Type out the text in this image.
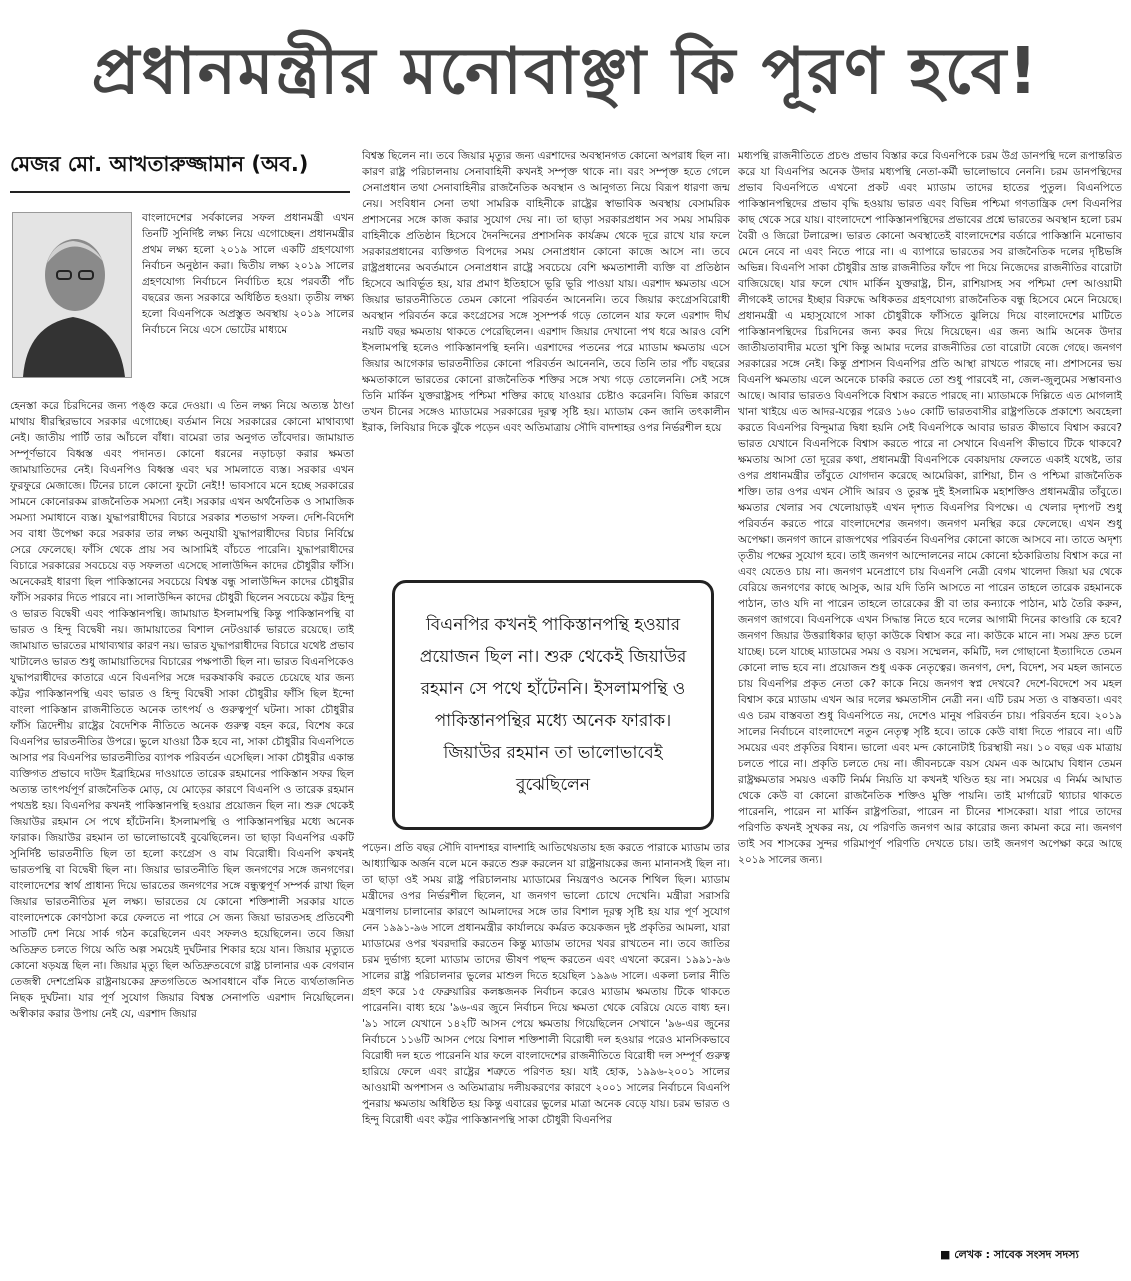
প্রধানমন্ত্রীর মনোবাঞ্ছা কি পূরণ হবে!
মেজর মো. আখতারুজ্জামান (অব.)
বাংলাদেশের সর্বকালের সফল প্রধানমন্ত্রী এখন তিনটি সুনির্দিষ্ট লক্ষ্য নিয়ে এগোচ্ছেন। প্রধানমন্ত্রীর প্রথম লক্ষ্য হলো ২০১৯ সালে একটি গ্রহণযোগ্য নির্বাচন অনুষ্ঠান করা। দ্বিতীয় লক্ষ্য ২০১৯ সালের গ্রহণযোগ্য নির্বাচনে নির্বাচিত হয়ে পরবর্তী পাঁচ বছরের জন্য সরকারে অধিষ্ঠিত হওয়া। তৃতীয় লক্ষ্য হলো বিএনপিকে অপ্রস্তুত অবস্থায় ২০১৯ সালের নির্বাচনে নিয়ে এসে ভোটের মাধ্যমে
হেনস্তা করে চিরদিনের জন্য পঙ্গু করে দেওয়া। এ তিন লক্ষ্য নিয়ে অত্যন্ত ঠাণ্ডা মাথায় ধীরস্থিরভাবে সরকার এগোচ্ছে। বর্তমান নিয়ে সরকারের কোনো মাথাব্যথা নেই। জাতীয় পার্টি তার আঁচলে বাঁধা। বামেরা তার অনুগত তাঁবেদার। জামায়াত সম্পূর্ণভাবে বিধ্বস্ত এবং পদানত। কোনো ধরনের নড়াচড়া করার ক্ষমতা জামায়াতিদের নেই। বিএনপিও বিধ্বস্ত এবং ঘর সামলাতে ব্যস্ত। সরকার এখন ফুরফুরে মেজাজে। টিনের চালে কোনো ফুটো নেই!! ভাবসাবে মনে হচ্ছে সরকারের সামনে কোনোরকম রাজনৈতিক সমস্যা নেই। সরকার এখন অর্থনৈতিক ও সামাজিক সমস্যা সমাধানে ব্যস্ত। যুদ্ধাপরাধীদের বিচারে সরকার শতভাগ সফল। দেশি-বিদেশি সব বাধা উপেক্ষা করে সরকার তার লক্ষ্য অনুযায়ী যুদ্ধাপরাধীদের বিচার নির্বিঘ্নে সেরে ফেলেছে। ফাঁসি থেকে প্রায় সব আসামিই বাঁচতে পারেনি। যুদ্ধাপরাধীদের বিচারে সরকারের সবচেয়ে বড় সফলতা এসেছে সালাউদ্দিন কাদের চৌধুরীর ফাঁসি। অনেকেরই ধারণা ছিল পাকিস্তানের সবচেয়ে বিশ্বস্ত বন্ধু সালাউদ্দিন কাদের চৌধুরীর ফাঁসি সরকার দিতে পারবে না। সালাউদ্দিন কাদের চৌধুরী ছিলেন সবচেয়ে কট্টর হিন্দু ও ভারত বিদ্বেষী এবং পাকিস্তানপন্থি। জামায়াত ইসলামপন্থি কিন্তু পাকিস্তানপন্থি বা ভারত ও হিন্দু বিদ্বেষী নয়। জামায়াতের বিশাল নেটওয়ার্ক ভারতে রয়েছে। তাই জামায়াত ভারতের মাথাব্যথার কারণ নয়। ভারত যুদ্ধাপরাধীদের বিচারে যথেষ্ট প্রভাব খাটালেও ভারত শুধু জামায়াতিদের বিচারের পক্ষপাতী ছিল না। ভারত বিএনপিকেও যুদ্ধাপরাধীদের কাতারে এনে বিএনপির সঙ্গে দরকষাকষি করতে চেয়েছে যার জন্য কট্টর পাকিস্তানপন্থি এবং ভারত ও হিন্দু বিদ্বেষী সাকা চৌধুরীর ফাঁসি ছিল ইন্দো বাংলা পাকিস্তান রাজনীতিতে অনেক তাৎপর্য ও গুরুত্বপূর্ণ ঘটনা। সাকা চৌধুরীর ফাঁসি ত্রিদেশীয় রাষ্ট্রের বৈদেশিক নীতিতে অনেক গুরুত্ব বহন করে, বিশেষ করে বিএনপির ভারতনীতির উপরে। ভুলে যাওয়া ঠিক হবে না, সাকা চৌধুরীর বিএনপিতে আসার পর বিএনপির ভারতনীতির ব্যাপক পরিবর্তন এসেছিল। সাকা চৌধুরীর একান্ত ব্যক্তিগত প্রভাবে দাউদ ইব্রাহিমের দাওয়াতে তারেক রহমানের পাকিস্তান সফর ছিল অত্যন্ত তাৎপর্যপূর্ণ রাজনৈতিক মোড়, যে মোড়ের কারণে বিএনপি ও তারেক রহমান পথভ্রষ্ট হয়। বিএনপির কখনই পাকিস্তানপন্থি হওয়ার প্রয়োজন ছিল না। শুরু থেকেই জিয়াউর রহমান সে পথে হাঁটেননি। ইসলামপন্থি ও পাকিস্তানপন্থির মধ্যে অনেক ফারাক। জিয়াউর রহমান তা ভালোভাবেই বুঝেছিলেন। তা ছাড়া বিএনপির একটি সুনির্দিষ্ট ভারতনীতি ছিল তা হলো কংগ্রেস ও বাম বিরোধী। বিএনপি কখনই ভারতপন্থি বা বিদ্বেষী ছিল না। জিয়ার ভারতনীতি ছিল জনগণের সঙ্গে জনগণের। বাংলাদেশের স্বার্থ প্রাধান্য দিয়ে ভারতের জনগণের সঙ্গে বন্ধুত্বপূর্ণ সম্পর্ক রাখা ছিল জিয়ার ভারতনীতির মূল লক্ষ্য। ভারতের যে কোনো শক্তিশালী সরকার যাতে বাংলাদেশকে কোণঠাসা করে ফেলতে না পারে সে জন্য জিয়া ভারতসহ প্রতিবেশী সাতটি দেশ নিয়ে সার্ক গঠন করেছিলেন এবং সফলও হয়েছিলেন। তবে জিয়া অতিদ্রুত চলতে গিয়ে অতি অল্প সময়েই দুর্ঘটনার শিকার হয়ে যান। জিয়ার মৃত্যুতে কোনো ষড়যন্ত্র ছিল না। জিয়ার মৃত্যু ছিল অতিদ্রুতবেগে রাষ্ট্র চালানার এক বেগবান তেজস্বী দেশপ্রেমিক রাষ্ট্রনায়কের দ্রুতগতিতে অসাবধানে বাঁক নিতে ব্যর্থতাজনিত নিছক দুর্ঘটনা। যার পূর্ণ সুযোগ জিয়ার বিশ্বস্ত সেনাপতি এরশাদ নিয়েছিলেন। অস্বীকার করার উপায় নেই যে, এরশাদ জিয়ার
বিশ্বস্ত ছিলেন না। তবে জিয়ার মৃত্যুর জন্য এরশাদের অবস্থানগত কোনো অপরাধ ছিল না। কারণ রাষ্ট্র পরিচালনায় সেনাবাহিনী কখনই সম্পৃক্ত থাকে না। বরং সম্পৃক্ত হতে গেলে সেনাপ্রধান তথা সেনাবাহিনীর রাজনৈতিক অবস্থান ও আনুগত্য নিয়ে বিরূপ ধারণা জন্ম নেয়। সংবিধান সেনা তথা সামরিক বাহিনীকে রাষ্ট্রের স্বাভাবিক অবস্থায় বেসামরিক প্রশাসনের সঙ্গে কাজ করার সুযোগ দেয় না। তা ছাড়া সরকারপ্রধান সব সময় সামরিক বাহিনীকে প্রতিষ্ঠান হিসেবে দৈনন্দিনের প্রশাসনিক কার্যক্রম থেকে দূরে রাখে যার ফলে সরকারপ্রধানের ব্যক্তিগত বিপদের সময় সেনাপ্রধান কোনো কাজে আসে না। তবে রাষ্ট্রপ্রধানের অবর্তমানে সেনাপ্রধান রাষ্ট্রে সবচেয়ে বেশি ক্ষমতাশালী ব্যক্তি বা প্রতিষ্ঠান হিসেবে আবির্ভূত হয়, যার প্রমাণ ইতিহাসে ভূরি ভূরি পাওয়া যায়। এরশাদ ক্ষমতায় এসে জিয়ার ভারতনীতিতে তেমন কোনো পরিবর্তন আনেননি। তবে জিয়ার কংগ্রেসবিরোধী অবস্থান পরিবর্তন করে কংগ্রেসের সঙ্গে সুসম্পর্ক গড়ে তোলেন যার ফলে এরশাদ দীর্ঘ নয়টি বছর ক্ষমতায় থাকতে পেরেছিলেন। এরশাদ জিয়ার দেখানো পথ ধরে আরও বেশি ইসলামপন্থি হলেও পাকিস্তানপন্থি হননি। এরশাদের পতনের পরে ম্যাডাম ক্ষমতায় এসে জিয়ার আগেকার ভারতনীতির কোনো পরিবর্তন আনেননি, তবে তিনি তার পাঁচ বছরের ক্ষমতাকালে ভারতের কোনো রাজনৈতিক শক্তির সঙ্গে সখ্য গড়ে তোলেননি। সেই সঙ্গে তিনি মার্কিন যুক্তরাষ্ট্রসহ পশ্চিমা শক্তির কাছে যাওয়ার চেষ্টাও করেননি। বিভিন্ন কারণে তখন চীনের সঙ্গেও ম্যাডামের সরকারের দূরত্ব সৃষ্টি হয়। ম্যাডাম কেন জানি তৎকালীন ইরাক, লিবিয়ার দিকে ঝুঁকে পড়েন এবং অতিমাত্রায় সৌদি বাদশাহর ওপর নির্ভরশীল হয়ে
বিএনপির কখনই পাকিস্তানপন্থি হওয়ার প্রয়োজন ছিল না। শুরু থেকেই জিয়াউর রহমান সে পথে হাঁটেননি। ইসলামপন্থি ও পাকিস্তানপন্থির মধ্যে অনেক ফারাক। জিয়াউর রহমান তা ভালোভাবেই বুঝেছিলেন
পড়েন। প্রতি বছর সৌদি বাদশাহর বাদশাহি আতিথেয়তায় হজ করতে পারাকে ম্যাডাম তার আধ্যাত্মিক অর্জন বলে মনে করতে শুরু করলেন যা রাষ্ট্রনায়কের জন্য মানানসই ছিল না। তা ছাড়া ওই সময় রাষ্ট্র পরিচালনায় ম্যাডামের নিয়ন্ত্রণও অনেক শিথিল ছিল। ম্যাডাম মন্ত্রীদের ওপর নির্ভরশীল ছিলেন, যা জনগণ ভালো চোখে দেখেনি। মন্ত্রীরা সরাসরি মন্ত্রণালয় চালানোর কারণে আমলাদের সঙ্গে তার বিশাল দূরত্ব সৃষ্টি হয় যার পূর্ণ সুযোগ নেন ১৯৯১-৯৬ সালে প্রধানমন্ত্রীর কার্যালয়ে কর্মরত কয়েকজন দুষ্ট প্রকৃতির আমলা, যারা ম্যাডামের ওপর খবরদারি করতেন কিন্তু ম্যাডাম তাদের খবর রাখতেন না। তবে জাতির চরম দুর্ভাগ্য হলো ম্যাডাম তাদের ভীষণ পছন্দ করতেন এবং এখনো করেন। ১৯৯১-৯৬ সালের রাষ্ট্র পরিচালনার ভুলের মাশুল দিতে হয়েছিল ১৯৯৬ সালে। একলা চলার নীতি গ্রহণ করে ১৫ ফেব্রুয়ারির কলঙ্কজনক নির্বাচন করেও ম্যাডাম ক্ষমতায় টিকে থাকতে পারেননি। বাধ্য হয়ে '৯৬-এর জুনে নির্বাচন দিয়ে ক্ষমতা থেকে বেরিয়ে যেতে বাধ্য হন। '৯১ সালে যেখানে ১৪২টি আসন পেয়ে ক্ষমতায় গিয়েছিলেন সেখানে '৯৬-এর জুনের নির্বাচনে ১১৬টি আসন পেয়ে বিশাল শক্তিশালী বিরোধী দল হওয়ার পরেও মানসিকভাবে বিরোধী দল হতে পারেননি যার ফলে বাংলাদেশের রাজনীতিতে বিরোধী দল সম্পূর্ণ গুরুত্ব হারিয়ে ফেলে এবং রাষ্ট্রের শত্রুতে পরিণত হয়। যাই হোক, ১৯৯৬-২০০১ সালের আওয়ামী অপশাসন ও অতিমাত্রায় দলীয়করণের কারণে ২০০১ সালের নির্বাচনে বিএনপি পুনরায় ক্ষমতায় অধিষ্ঠিত হয় কিন্তু এবারের ভুলের মাত্রা অনেক বেড়ে যায়। চরম ভারত ও হিন্দু বিরোধী এবং কট্টর পাকিস্তানপন্থি সাকা চৌধুরী বিএনপির
মধ্যপন্থি রাজনীতিতে প্রচণ্ড প্রভাব বিস্তার করে বিএনপিকে চরম উগ্র ডানপন্থি দলে রূপান্তরিত করে যা বিএনপির অনেক উদার মধ্যপন্থি নেতা-কর্মী ভালোভাবে নেননি। চরম ডানপন্থিদের প্রভাব বিএনপিতে এখনো প্রকট এবং ম্যাডাম তাদের হাতের পুতুল। বিএনপিতে পাকিস্তানপন্থিদের প্রভাব বৃদ্ধি হওয়ায় ভারত এবং বিভিন্ন পশ্চিমা গণতান্ত্রিক দেশ বিএনপির কাছ থেকে সরে যায়। বাংলাদেশে পাকিস্তানপন্থিদের প্রভাবের প্রশ্নে ভারতের অবস্থান হলো চরম বৈরী ও জিরো টলারেন্স। ভারত কোনো অবস্থাতেই বাংলাদেশের বর্ডারে পাকিস্তানি মনোভাব মেনে নেবে না এবং নিতে পারে না। এ ব্যাপারে ভারতের সব রাজনৈতিক দলের দৃষ্টিভঙ্গি অভিন্ন। বিএনপি সাকা চৌধুরীর ভ্রান্ত রাজনীতির ফাঁদে পা দিয়ে নিজেদের রাজনীতির বারোটা বাজিয়েছে। যার ফলে খোদ মার্কিন যুক্তরাষ্ট্র, চীন, রাশিয়াসহ সব পশ্চিমা দেশ আওয়ামী লীগকেই তাদের ইচ্ছার বিরুদ্ধে অধিকতর গ্রহণযোগ্য রাজনৈতিক বন্ধু হিসেবে মেনে নিয়েছে। প্রধানমন্ত্রী এ মহাসুযোগে সাকা চৌধুরীকে ফাঁসিতে ঝুলিয়ে দিয়ে বাংলাদেশের মাটিতে পাকিস্তানপন্থিদের চিরদিনের জন্য কবর দিয়ে দিয়েছেন। এর জন্য আমি অনেক উদার জাতীয়তাবাদীর মতো খুশি কিন্তু আমার দলের রাজনীতির তো বারোটা বেজে গেছে। জনগণ সরকারের সঙ্গে নেই। কিন্তু প্রশাসন বিএনপির প্রতি আস্থা রাখতে পারছে না। প্রশাসনের ভয় বিএনপি ক্ষমতায় এলে অনেকে চাকরি করতে তো শুধু পারবেই না, জেল-জুলুমের সম্ভাবনাও আছে। আবার ভারতও বিএনপিকে বিশ্বাস করতে পারছে না। ম্যাডামকে দিল্লিতে এত মোগলাই খানা খাইয়ে এত আদর-যত্নের পরেও ১৬০ কোটি ভারতবাসীর রাষ্ট্রপতিকে প্রকাশ্যে অবহেলা করতে বিএনপির বিন্দুমাত্র দ্বিধা হয়নি সেই বিএনপিকে আবার ভারত কীভাবে বিশ্বাস করবে? ভারত যেখানে বিএনপিকে বিশ্বাস করতে পারে না সেখানে বিএনপি কীভাবে টিকে থাকবে? ক্ষমতায় আসা তো দূরের কথা, প্রধানমন্ত্রী বিএনপিকে বেকায়দায় ফেলতে একাই যথেষ্ট, তার ওপর প্রধানমন্ত্রীর তাঁবুতে যোগদান করেছে আমেরিকা, রাশিয়া, চীন ও পশ্চিমা রাজনৈতিক শক্তি। তার ওপর এখন সৌদি আরব ও তুরস্ক দুই ইসলামিক মহাশক্তিও প্রধানমন্ত্রীর তাঁবুতে। ক্ষমতার খেলার সব খেলোয়াড়ই এখন দৃশ্যত বিএনপির বিপক্ষে। এ খেলার দৃশ্যপট শুধু পরিবর্তন করতে পারে বাংলাদেশের জনগণ। জনগণ মনস্থির করে ফেলেছে। এখন শুধু অপেক্ষা। জনগণ জানে রাজপথের পরিবর্তন বিএনপির কোনো কাজে আসবে না। তাতে অদৃশ্য তৃতীয় পক্ষের সুযোগ হবে। তাই জনগণ আন্দোলনের নামে কোনো হঠকারিতায় বিশ্বাস করে না এবং যেতেও চায় না। জনগণ মনেপ্রাণে চায় বিএনপি নেত্রী বেগম খালেদা জিয়া ঘর থেকে বেরিয়ে জনগণের কাছে আসুক, আর যদি তিনি আসতে না পারেন তাহলে তারেক রহমানকে পাঠান, তাও যদি না পারেন তাহলে তারেকের স্ত্রী বা তার কন্যাকে পাঠান, মাঠ তৈরি করুন, জনগণ জাগবে। বিএনপিকে এখন সিদ্ধান্ত নিতে হবে দলের আগামী দিনের কাণ্ডারি কে হবে? জনগণ জিয়ার উত্তরাধিকার ছাড়া কাউকে বিশ্বাস করে না। কাউকে মানে না। সময় দ্রুত চলে যাচ্ছে। চলে যাচ্ছে ম্যাডামের সময় ও বয়স। সম্মেলন, কমিটি, দল গোছানো ইত্যাদিতে তেমন কোনো লাভ হবে না। প্রয়োজন শুধু একক নেতৃত্বের। জনগণ, দেশ, বিদেশ, সব মহল জানতে চায় বিএনপির প্রকৃত নেতা কে? কাকে নিয়ে জনগণ স্বপ্ন দেখবে? দেশে-বিদেশে সব মহল বিশ্বাস করে ম্যাডাম এখন আর দলের ক্ষমতাসীন নেত্রী নন। এটি চরম সত্য ও বাস্তবতা। এবং এও চরম বাস্তবতা শুধু বিএনপিতে নয়, দেশেও মানুষ পরিবর্তন চায়। পরিবর্তন হবে। ২০১৯ সালের নির্বাচনে বাংলাদেশে নতুন নেতৃত্ব সৃষ্টি হবে। তাকে কেউ বাধা দিতে পারবে না। এটি সময়ের এবং প্রকৃতির বিধান। ভালো এবং মন্দ কোনোটাই চিরস্থায়ী নয়। ১০ বছর এক মাত্রায় চলতে পারে না। প্রকৃতি চলতে দেয় না। জীবনচক্রে বয়স যেমন এক আমোঘ বিধান তেমন রাষ্ট্রক্ষমতার সময়ও একটি নির্মম নিয়তি যা কখনই খণ্ডিত হয় না। সময়ের এ নির্মম আঘাত থেকে কেউ বা কোনো রাজনৈতিক শক্তিও মুক্তি পায়নি। তাই মার্গারেট থ্যাচার থাকতে পারেননি, পারেন না মার্কিন রাষ্ট্রপতিরা, পারেন না চীনের শাসকেরা। যারা পারে তাদের পরিণতি কখনই সুখকর নয়, যে পরিণতি জনগণ আর কারোর জন্য কামনা করে না। জনগণ তাই সব শাসকের সুন্দর গরিমাপূর্ণ পরিণতি দেখতে চায়। তাই জনগণ অপেক্ষা করে আছে ২০১৯ সালের জন্য।
■ লেখক : সাবেক সংসদ সদস্য
